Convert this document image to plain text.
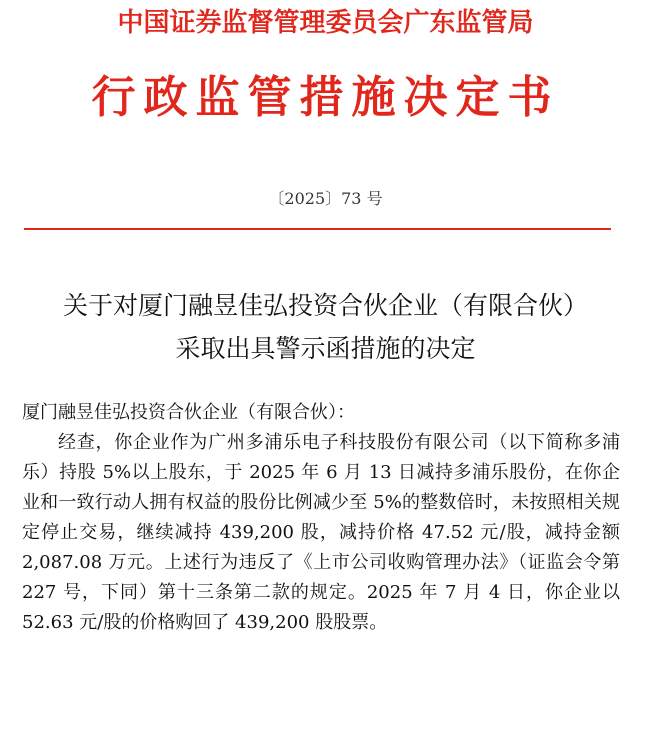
中国证券监督管理委员会广东监管局
行政监管措施决定书
〔2025〕73 号
关于对厦门融昱佳弘投资合伙企业（有限合伙）
采取出具警示函措施的决定
厦门融昱佳弘投资合伙企业（有限合伙）：
经查，你企业作为广州多浦乐电子科技股份有限公司（以下简称多浦乐）持股 5%以上股东，于 2025 年 6 月 13 日减持多浦乐股份，在你企业和一致行动人拥有权益的股份比例减少至 5%的整数倍时，未按照相关规定停止交易，继续减持 439,200 股，减持价格 47.52 元/股，减持金额 2,087.08 万元。上述行为违反了《上市公司收购管理办法》（证监会令第 227 号，下同）第十三条第二款的规定。2025 年 7 月 4 日，你企业以 52.63 元/股的价格购回了 439,200 股股票。
